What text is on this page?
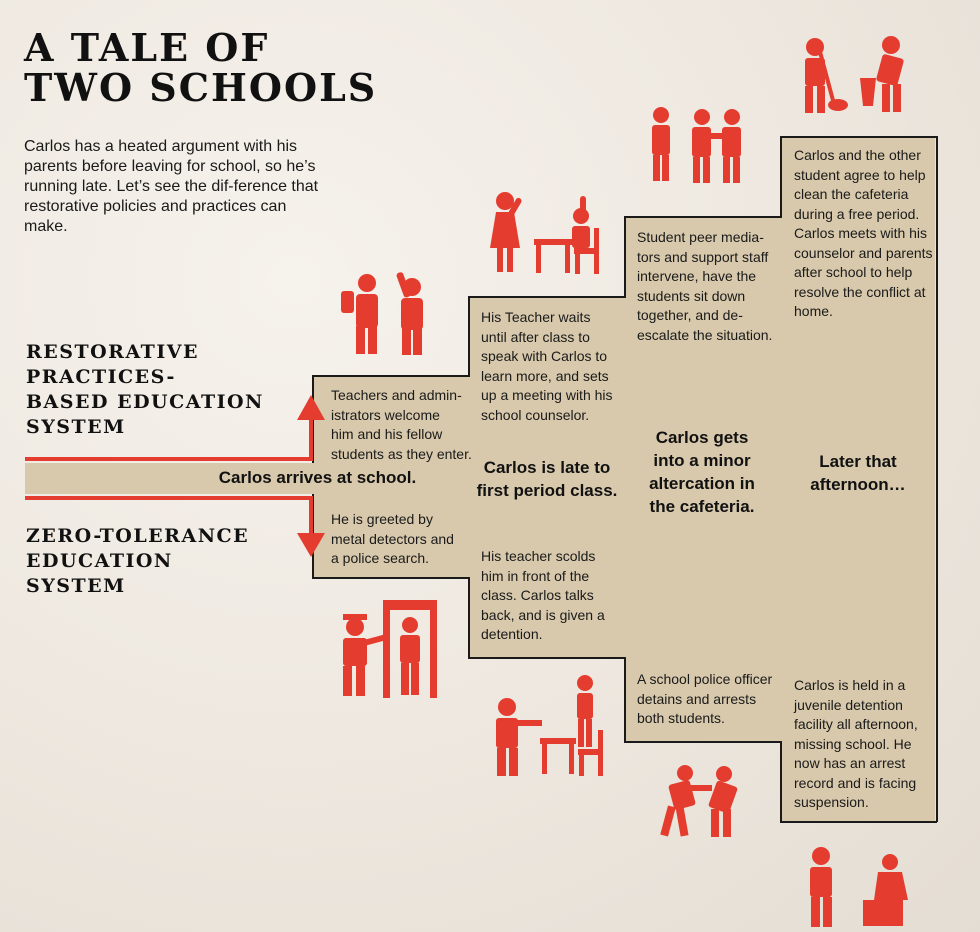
A TALE OF
TWO SCHOOLS
Carlos has a heated argument with his parents before leaving for school, so he’s running late. Let’s see the dif-ference that restorative policies and practices can make.
RESTORATIVE
PRACTICES-
BASED EDUCATION
SYSTEM
ZERO-TOLERANCE
EDUCATION
SYSTEM
Carlos arrives at school.
Teachers and admin-
istrators welcome
him and his fellow
students as they enter.
He is greeted by
metal detectors and
a police search.
Carlos is late to
first period class.
His Teacher waits
until after class to
speak with Carlos to
learn more, and sets
up a meeting with his
school counselor.
His teacher scolds
him in front of the
class. Carlos talks
back, and is given a
detention.
Carlos gets
into a minor
altercation in
the cafeteria.
Student peer media-
tors and support staff
intervene, have the
students sit down
together, and de-
escalate the situation.
A school police officer
detains and arrests
both students.
Later that
afternoon…
Carlos and the other
student agree to help
clean the cafeteria
during a free period.
Carlos meets with his
counselor and parents
after school to help
resolve the conflict at
home.
Carlos is held in a
juvenile detention
facility all afternoon,
missing school. He
now has an arrest
record and is facing
suspension.
